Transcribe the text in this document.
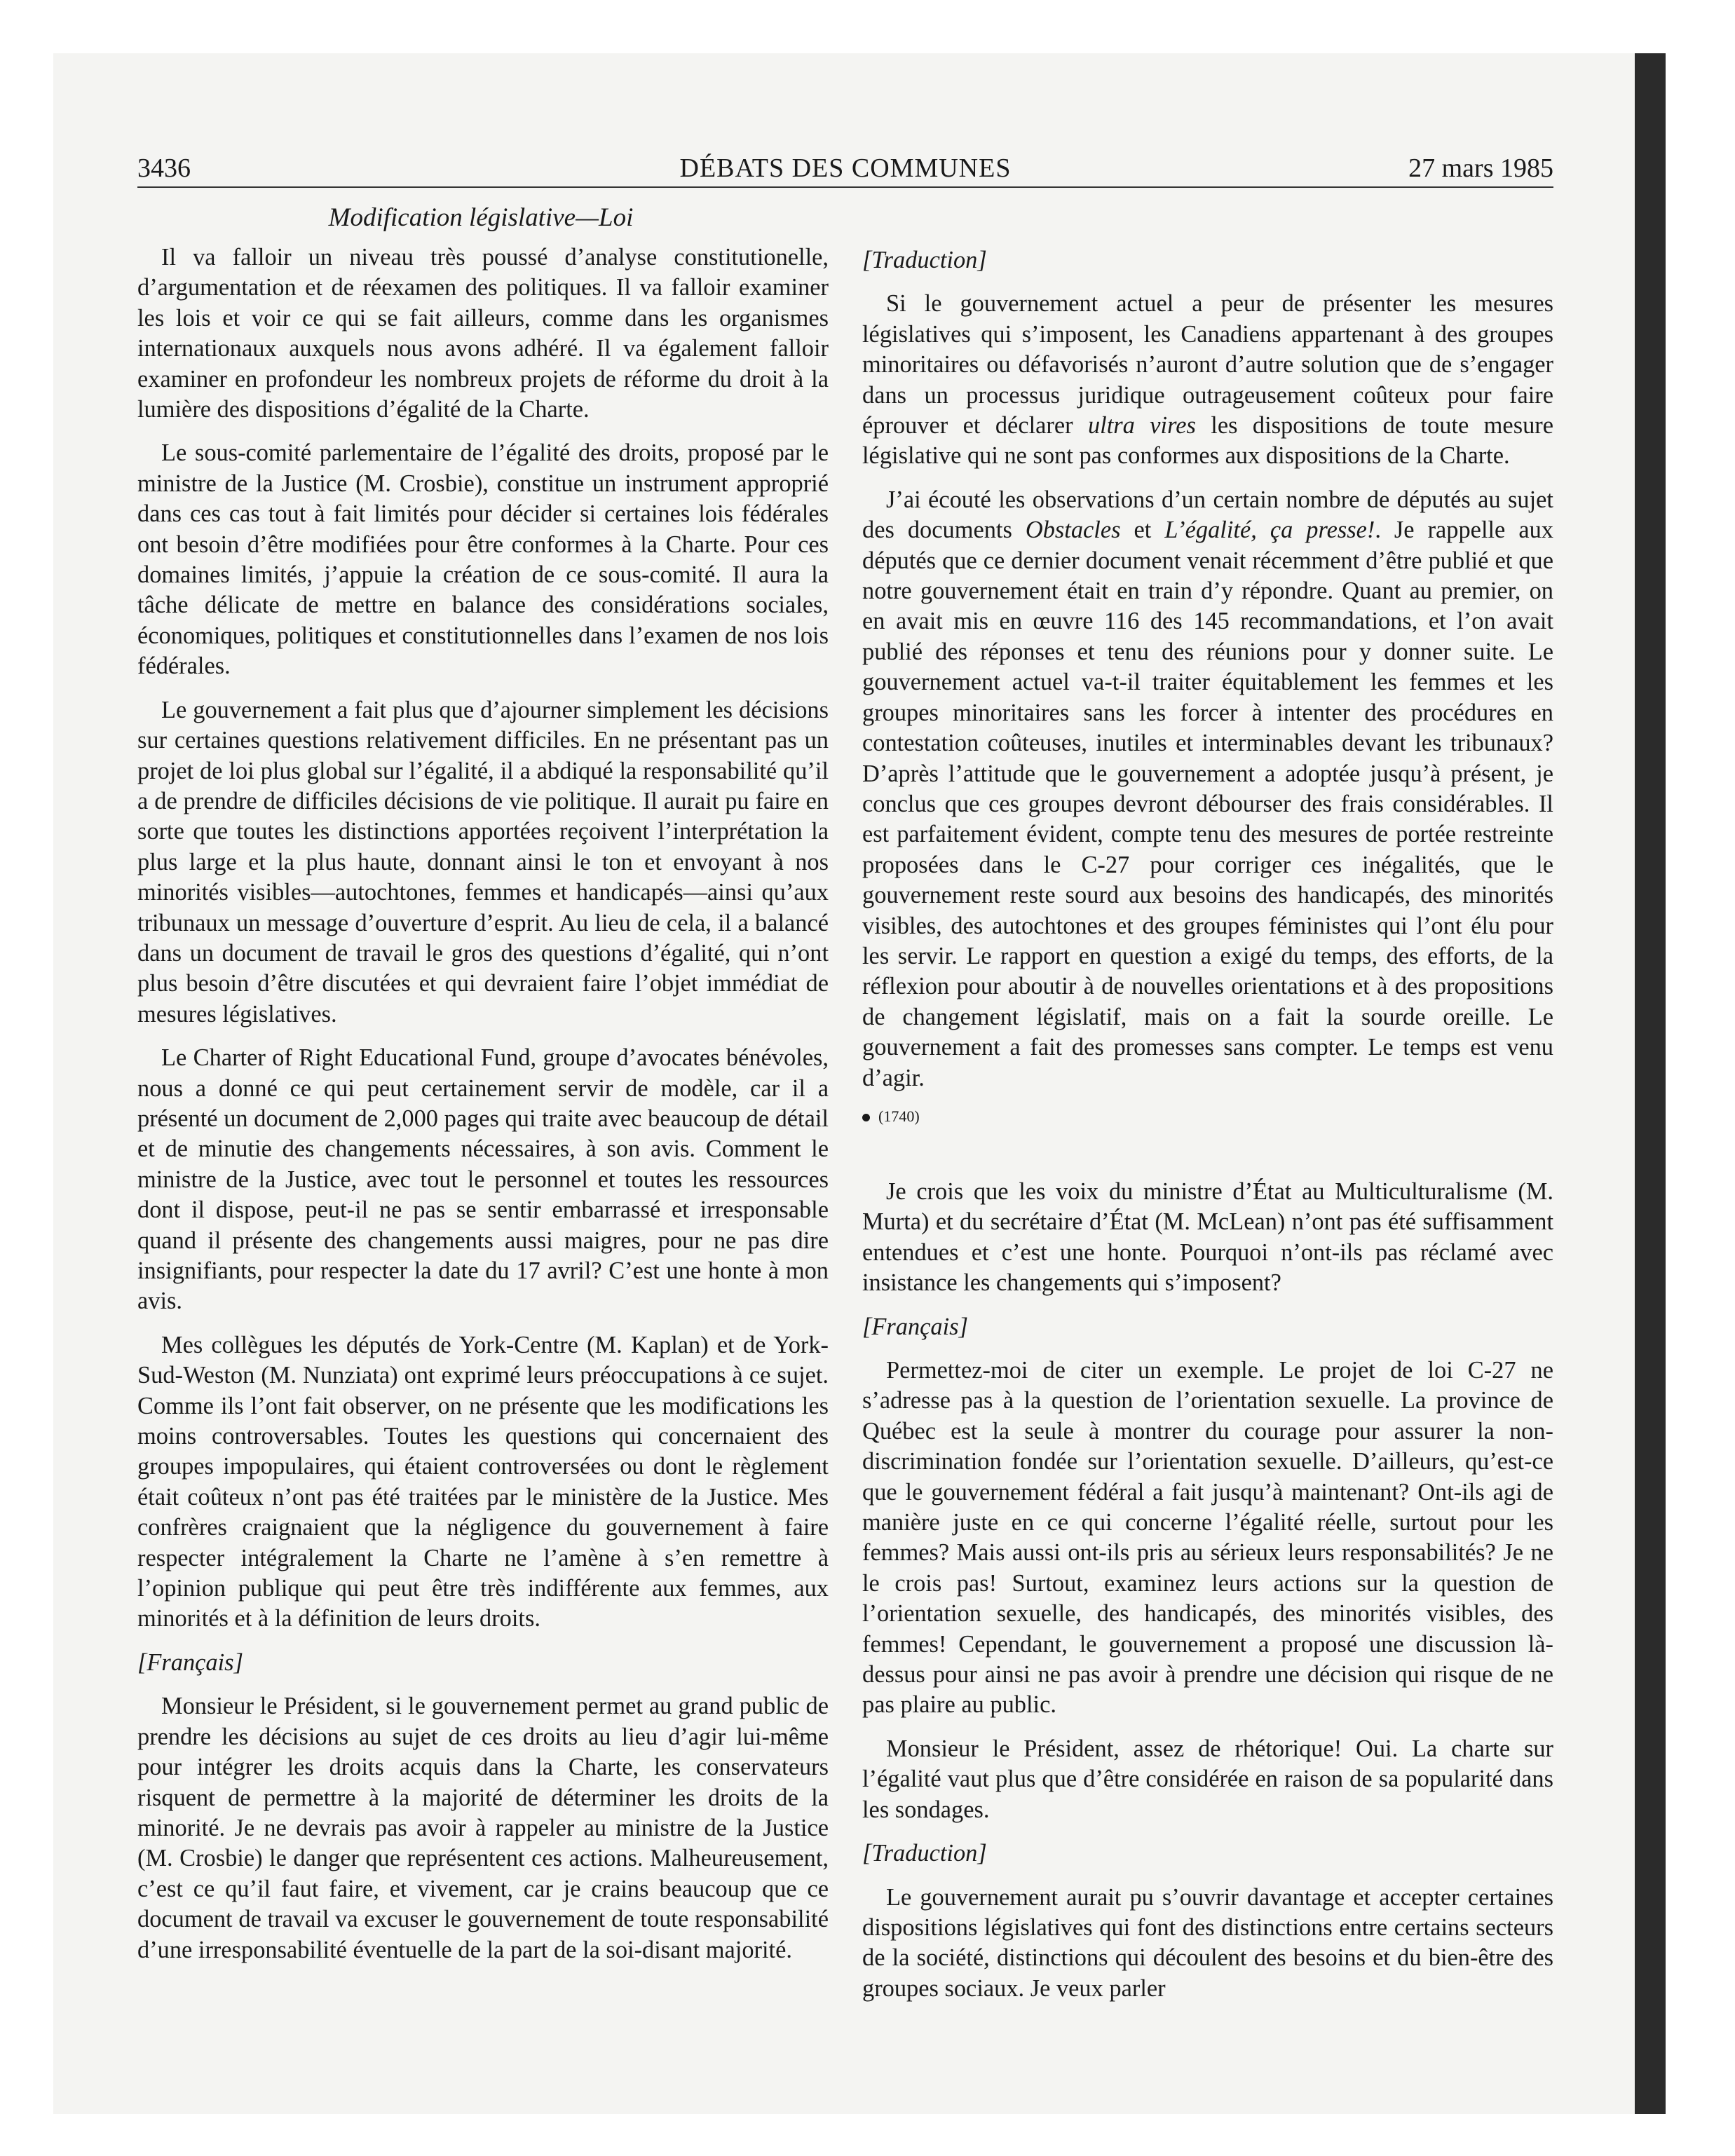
3436	DÉBATS DES COMMUNES	27 mars 1985
Modification législative—Loi

Il va falloir un niveau très poussé d’analyse constitutionelle, d’argumentation et de réexamen des politiques. Il va falloir examiner les lois et voir ce qui se fait ailleurs, comme dans les organismes internationaux auxquels nous avons adhéré. Il va également falloir examiner en profondeur les nombreux projets de réforme du droit à la lumière des dispositions d’égalité de la Charte.

Le sous-comité parlementaire de l’égalité des droits, proposé par le ministre de la Justice (M. Crosbie), constitue un instrument approprié dans ces cas tout à fait limités pour décider si certaines lois fédérales ont besoin d’être modifiées pour être conformes à la Charte. Pour ces domaines limités, j’appuie la création de ce sous-comité. Il aura la tâche délicate de mettre en balance des considérations sociales, économiques, politiques et constitutionnelles dans l’examen de nos lois fédérales.

Le gouvernement a fait plus que d’ajourner simplement les décisions sur certaines questions relativement difficiles. En ne présentant pas un projet de loi plus global sur l’égalité, il a abdiqué la responsabilité qu’il a de prendre de difficiles décisions de vie politique. Il aurait pu faire en sorte que toutes les distinctions apportées reçoivent l’interprétation la plus large et la plus haute, donnant ainsi le ton et envoyant à nos minorités visibles—autochtones, femmes et handicapés—ainsi qu’aux tribunaux un message d’ouverture d’esprit. Au lieu de cela, il a balancé dans un document de travail le gros des questions d’égalité, qui n’ont plus besoin d’être discutées et qui devraient faire l’objet immédiat de mesures législatives.

Le Charter of Right Educational Fund, groupe d’avocates bénévoles, nous a donné ce qui peut certainement servir de modèle, car il a présenté un document de 2,000 pages qui traite avec beaucoup de détail et de minutie des changements nécessaires, à son avis. Comment le ministre de la Justice, avec tout le personnel et toutes les ressources dont il dispose, peut-il ne pas se sentir embarrassé et irresponsable quand il présente des changements aussi maigres, pour ne pas dire insignifiants, pour respecter la date du 17 avril? C’est une honte à mon avis.

Mes collègues les députés de York-Centre (M. Kaplan) et de York-Sud-Weston (M. Nunziata) ont exprimé leurs préoccupations à ce sujet. Comme ils l’ont fait observer, on ne présente que les modifications les moins controversables. Toutes les questions qui concernaient des groupes impopulaires, qui étaient controversées ou dont le règlement était coûteux n’ont pas été traitées par le ministère de la Justice. Mes confrères craignaient que la négligence du gouvernement à faire respecter intégralement la Charte ne l’amène à s’en remettre à l’opinion publique qui peut être très indifférente aux femmes, aux minorités et à la définition de leurs droits.

[Français]

Monsieur le Président, si le gouvernement permet au grand public de prendre les décisions au sujet de ces droits au lieu d’agir lui-même pour intégrer les droits acquis dans la Charte, les conservateurs risquent de permettre à la majorité de déterminer les droits de la minorité. Je ne devrais pas avoir à rappeler au ministre de la Justice (M. Crosbie) le danger que représentent ces actions. Malheureusement, c’est ce qu’il faut faire, et vivement, car je crains beaucoup que ce document de travail va excuser le gouvernement de toute responsabilité d’une irresponsabilité éventuelle de la part de la soi-disant majorité.

[Traduction]

Si le gouvernement actuel a peur de présenter les mesures législatives qui s’imposent, les Canadiens appartenant à des groupes minoritaires ou défavorisés n’auront d’autre solution que de s’engager dans un processus juridique outrageusement coûteux pour faire éprouver et déclarer ultra vires les dispositions de toute mesure législative qui ne sont pas conformes aux dispositions de la Charte.

J’ai écouté les observations d’un certain nombre de députés au sujet des documents Obstacles et L’égalité, ça presse!. Je rappelle aux députés que ce dernier document venait récemment d’être publié et que notre gouvernement était en train d’y répondre. Quant au premier, on en avait mis en œuvre 116 des 145 recommandations, et l’on avait publié des réponses et tenu des réunions pour y donner suite. Le gouvernement actuel va-t-il traiter équitablement les femmes et les groupes minoritaires sans les forcer à intenter des procédures en contestation coûteuses, inutiles et interminables devant les tribunaux? D’après l’attitude que le gouvernement a adoptée jusqu’à présent, je conclus que ces groupes devront débourser des frais considérables. Il est parfaitement évident, compte tenu des mesures de portée restreinte proposées dans le C-27 pour corriger ces inégalités, que le gouvernement reste sourd aux besoins des handicapés, des minorités visibles, des autochtones et des groupes féministes qui l’ont élu pour les servir. Le rapport en question a exigé du temps, des efforts, de la réflexion pour aboutir à de nouvelles orientations et à des propositions de changement législatif, mais on a fait la sourde oreille. Le gouvernement a fait des promesses sans compter. Le temps est venu d’agir.

(1740)

Je crois que les voix du ministre d’État au Multiculturalisme (M. Murta) et du secrétaire d’État (M. McLean) n’ont pas été suffisamment entendues et c’est une honte. Pourquoi n’ont-ils pas réclamé avec insistance les changements qui s’imposent?

[Français]

Permettez-moi de citer un exemple. Le projet de loi C-27 ne s’adresse pas à la question de l’orientation sexuelle. La province de Québec est la seule à montrer du courage pour assurer la non-discrimination fondée sur l’orientation sexuelle. D’ailleurs, qu’est-ce que le gouvernement fédéral a fait jusqu’à maintenant? Ont-ils agi de manière juste en ce qui concerne l’égalité réelle, surtout pour les femmes? Mais aussi ont-ils pris au sérieux leurs responsabilités? Je ne le crois pas! Surtout, examinez leurs actions sur la question de l’orientation sexuelle, des handicapés, des minorités visibles, des femmes! Cependant, le gouvernement a proposé une discussion là-dessus pour ainsi ne pas avoir à prendre une décision qui risque de ne pas plaire au public.

Monsieur le Président, assez de rhétorique! Oui. La charte sur l’égalité vaut plus que d’être considérée en raison de sa popularité dans les sondages.

[Traduction]

Le gouvernement aurait pu s’ouvrir davantage et accepter certaines dispositions législatives qui font des distinctions entre certains secteurs de la société, distinctions qui découlent des besoins et du bien-être des groupes sociaux. Je veux parler
